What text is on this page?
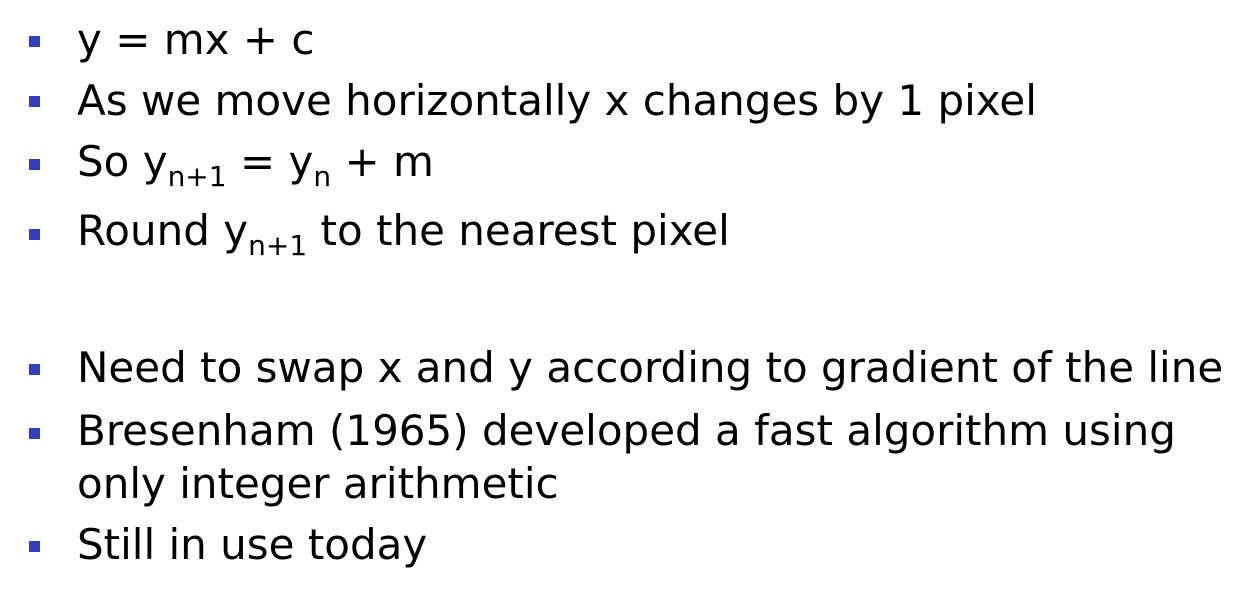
y = mx + c
As we move horizontally x changes by 1 pixel
So $y_{n+1} = y_n + m$
Round $y_{n+1}$ to the nearest pixel
Need to swap x and y according to gradient of the line
Bresenham (1965) developed a fast algorithm using
only integer arithmetic
Still in use today
